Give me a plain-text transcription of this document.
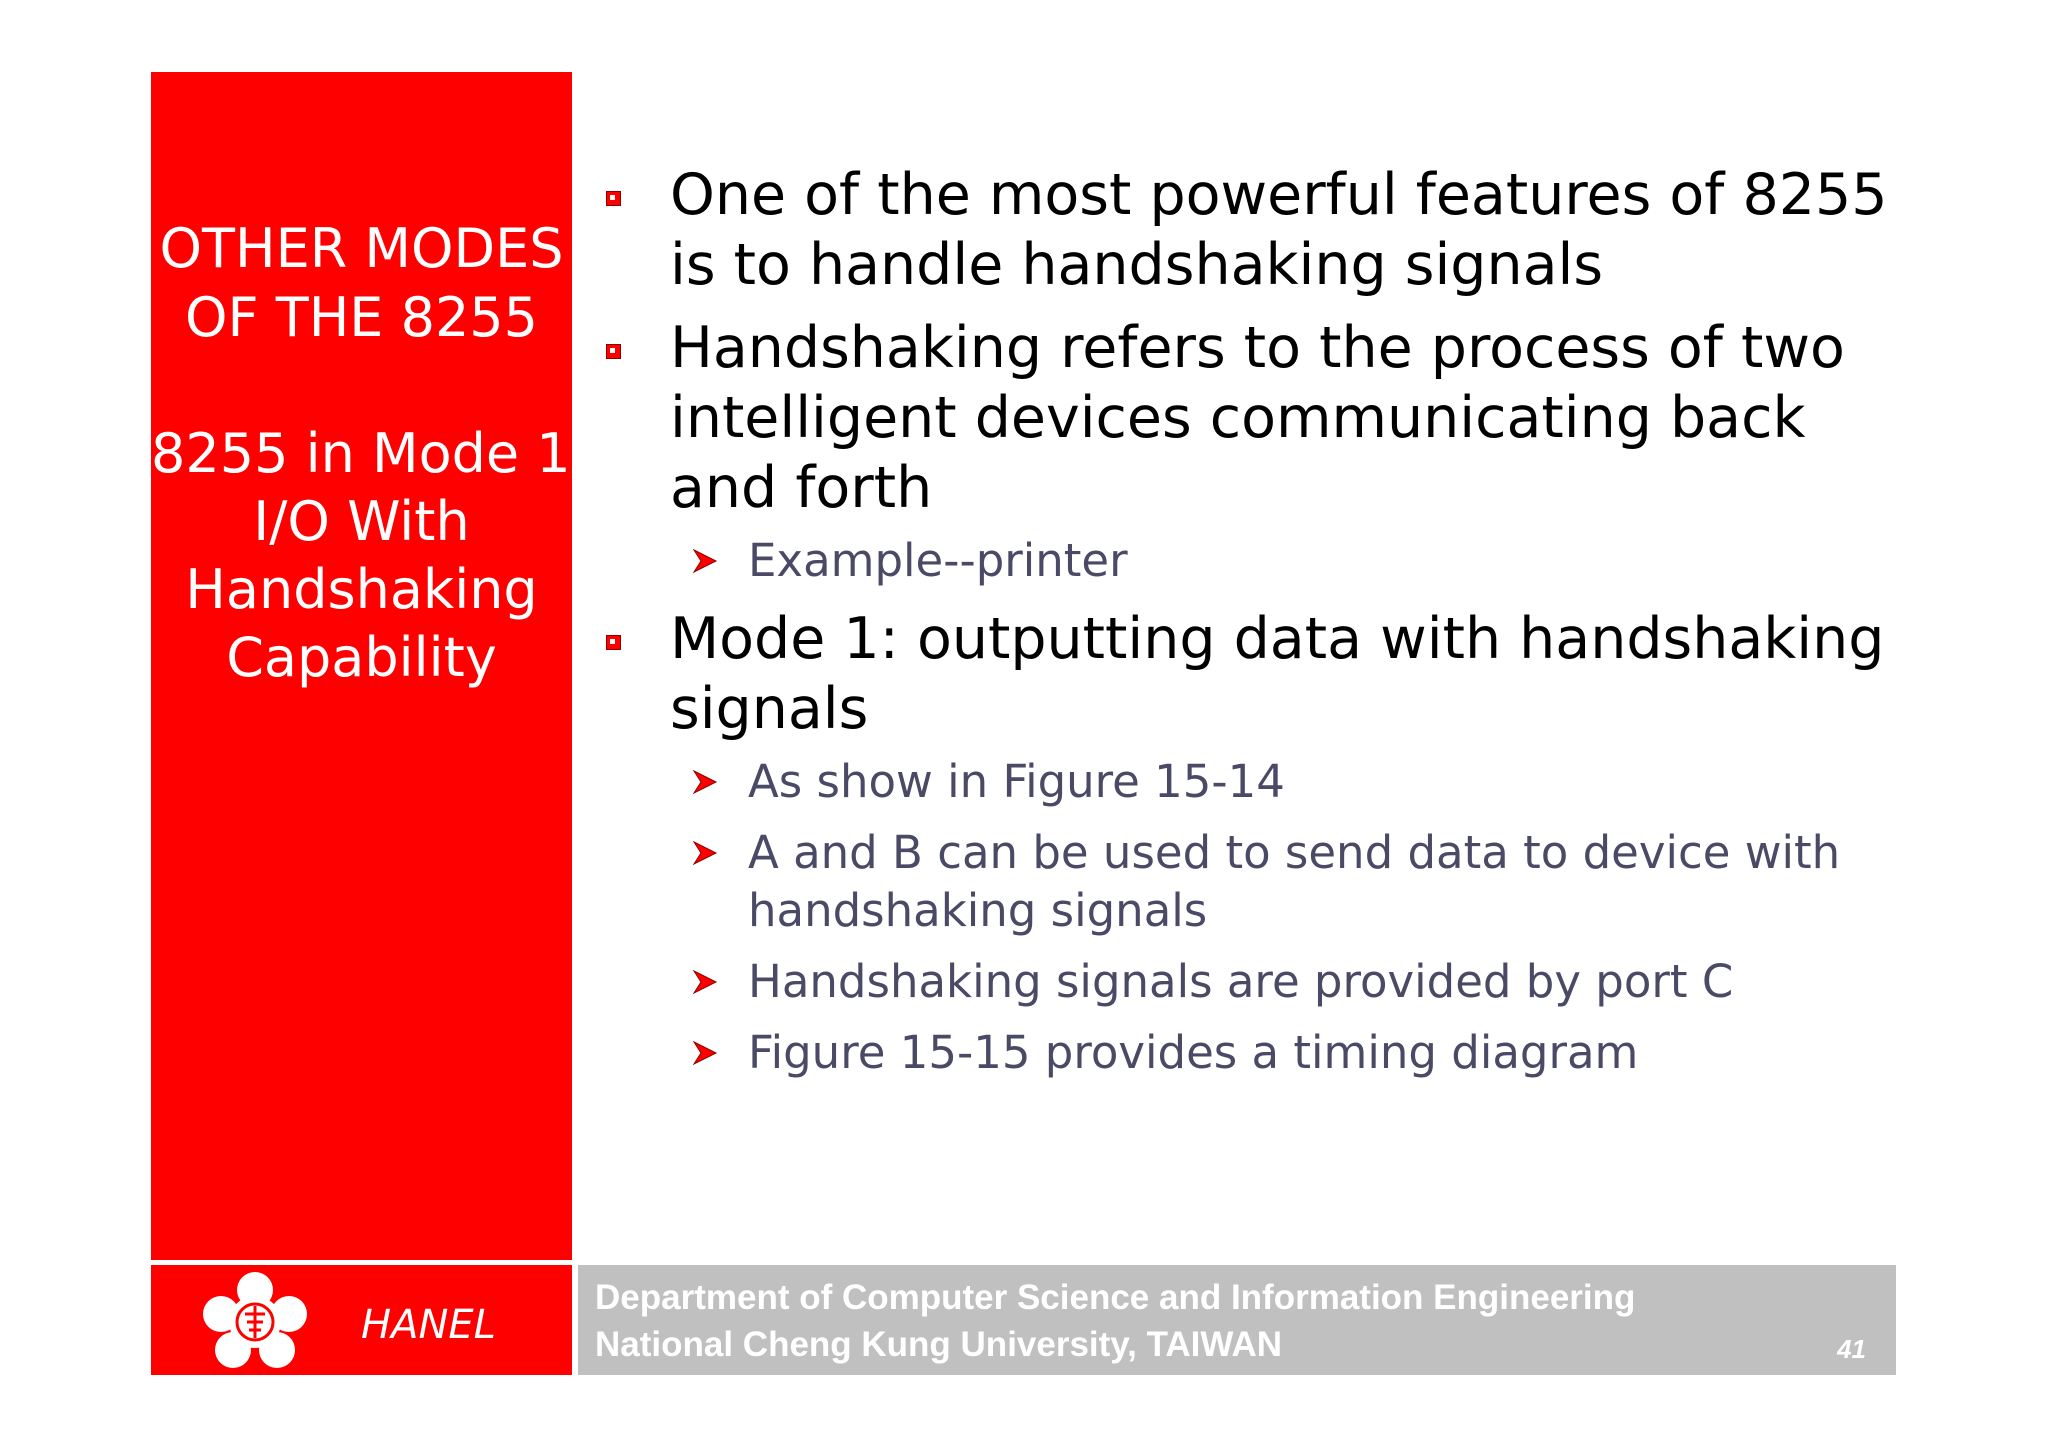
OTHER MODES
OF THE 8255
8255 in Mode 1:
I/O With
Handshaking
Capability
One of the most powerful features of 8255 is to handle handshaking signals
Handshaking refers to the process of two intelligent devices communicating back and forth
Example--printer
Mode 1: outputting data with handshaking signals
As show in Figure 15-14
A and B can be used to send data to device with handshaking signals
Handshaking signals are provided by port C
Figure 15-15 provides a timing diagram
HANEL
Department of Computer Science and Information Engineering
National Cheng Kung University, TAIWAN	41
